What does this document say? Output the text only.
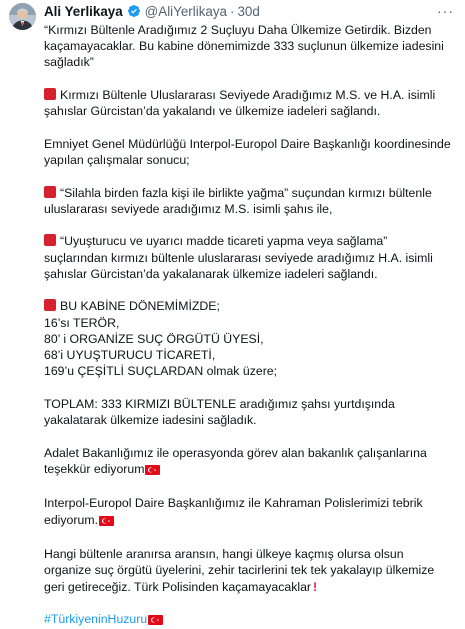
Ali Yerlikaya @AliYerlikaya · 30d	···

“Kırmızı Bültenle Aradığımız 2 Suçluyu Daha Ülkemize Getirdik. Bizden kaçamayacaklar. Bu kabine dönemimizde 333 suçlunun ülkemize iadesini sağladık”

Kırmızı Bültenle Uluslararası Seviyede Aradığımız M.S. ve H.A. isimli şahıslar Gürcistan’da yakalandı ve ülkemize iadeleri sağlandı.

Emniyet Genel Müdürlüğü Interpol-Europol Daire Başkanlığı koordinesinde yapılan çalışmalar sonucu;

“Silahla birden fazla kişi ile birlikte yağma” suçundan kırmızı bültenle uluslararası seviyede aradığımız M.S. isimli şahıs ile,

“Uyuşturucu ve uyarıcı madde ticareti yapma veya sağlama” suçlarından kırmızı bültenle uluslararası seviyede aradığımız H.A. isimli şahıslar Gürcistan’da yakalanarak ülkemize iadeleri sağlandı.

BU KABİNE DÖNEMİMİZDE;

16’sı TERÖR,

80’ i ORGANİZE SUÇ ÖRGÜTÜ ÜYESİ,

68’i UYUŞTURUCU TİCARETİ,

169’u ÇEŞİTLİ SUÇLARDAN olmak üzere;

TOPLAM: 333 KIRMIZI BÜLTENLE aradığımız şahsı yurtdışında yakalatarak ülkemize iadesini sağladık.

Adalet Bakanlığımız ile operasyonda görev alan bakanlık çalışanlarına teşekkür ediyorum

Interpol-Europol Daire Başkanlığımız ile Kahraman Polislerimizi tebrik ediyorum.

Hangi bültenle aranırsa aransın, hangi ülkeye kaçmış olursa olsun organize suç örgütü üyelerini, zehir tacirlerini tek tek yakalayıp ülkemize geri getireceğiz. Türk Polisinden kaçamayacaklar !

#TürkiyeninHuzuru
